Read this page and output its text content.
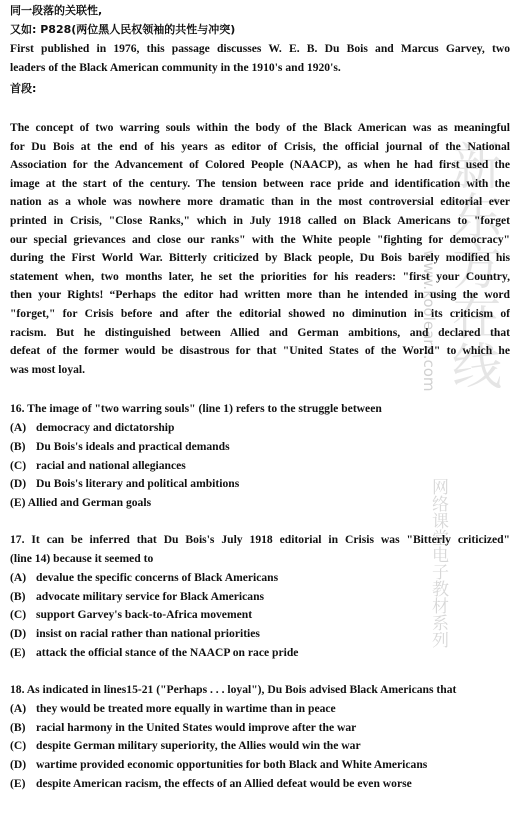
新东方在线
www.koolearn.com
网络课堂电子教材系列
同一段落的关联性,
又如: P828(两位黑人民权领袖的共性与冲突)
First published in 1976, this passage discusses W. E. B. Du Bois and Marcus Garvey, two
leaders of the Black American community in the 1910's and 1920's.
首段:
The concept of two warring souls within the body of the Black American was as meaningful
for Du Bois at the end of his years as editor of Crisis, the official journal of the National
Association for the Advancement of Colored People (NAACP), as when he had first used the
image at the start of the century. The tension between race pride and identification with the
nation as a whole was nowhere more dramatic than in the most controversial editorial ever
printed in Crisis, "Close Ranks," which in July 1918 called on Black Americans to "forget
our special grievances and close our ranks" with the White people "fighting for democracy"
during the First World War. Bitterly criticized by Black people, Du Bois barely modified his
statement when, two months later, he set the priorities for his readers: "first your Country,
then your Rights! “Perhaps the editor had written more than he intended in using the word
"forget," for Crisis before and after the editorial showed no diminution in its criticism of
racism. But he distinguished between Allied and German ambitions, and declared that
defeat of the former would be disastrous for that "United States of the World" to which he
was most loyal.
16. The image of "two warring souls" (line 1) refers to the struggle between
(A) democracy and dictatorship
(B) Du Bois's ideals and practical demands
(C) racial and national allegiances
(D) Du Bois's literary and political ambitions
(E) Allied and German goals
17. It can be inferred that Du Bois's July 1918 editorial in Crisis was "Bitterly criticized"
(line 14) because it seemed to
(A) devalue the specific concerns of Black Americans
(B) advocate military service for Black Americans
(C) support Garvey's back-to-Africa movement
(D) insist on racial rather than national priorities
(E) attack the official stance of the NAACP on race pride
18. As indicated in lines15-21 ("Perhaps . . . loyal"), Du Bois advised Black Americans that
(A) they would be treated more equally in wartime than in peace
(B) racial harmony in the United States would improve after the war
(C) despite German military superiority, the Allies would win the war
(D) wartime provided economic opportunities for both Black and White Americans
(E) despite American racism, the effects of an Allied defeat would be even worse
